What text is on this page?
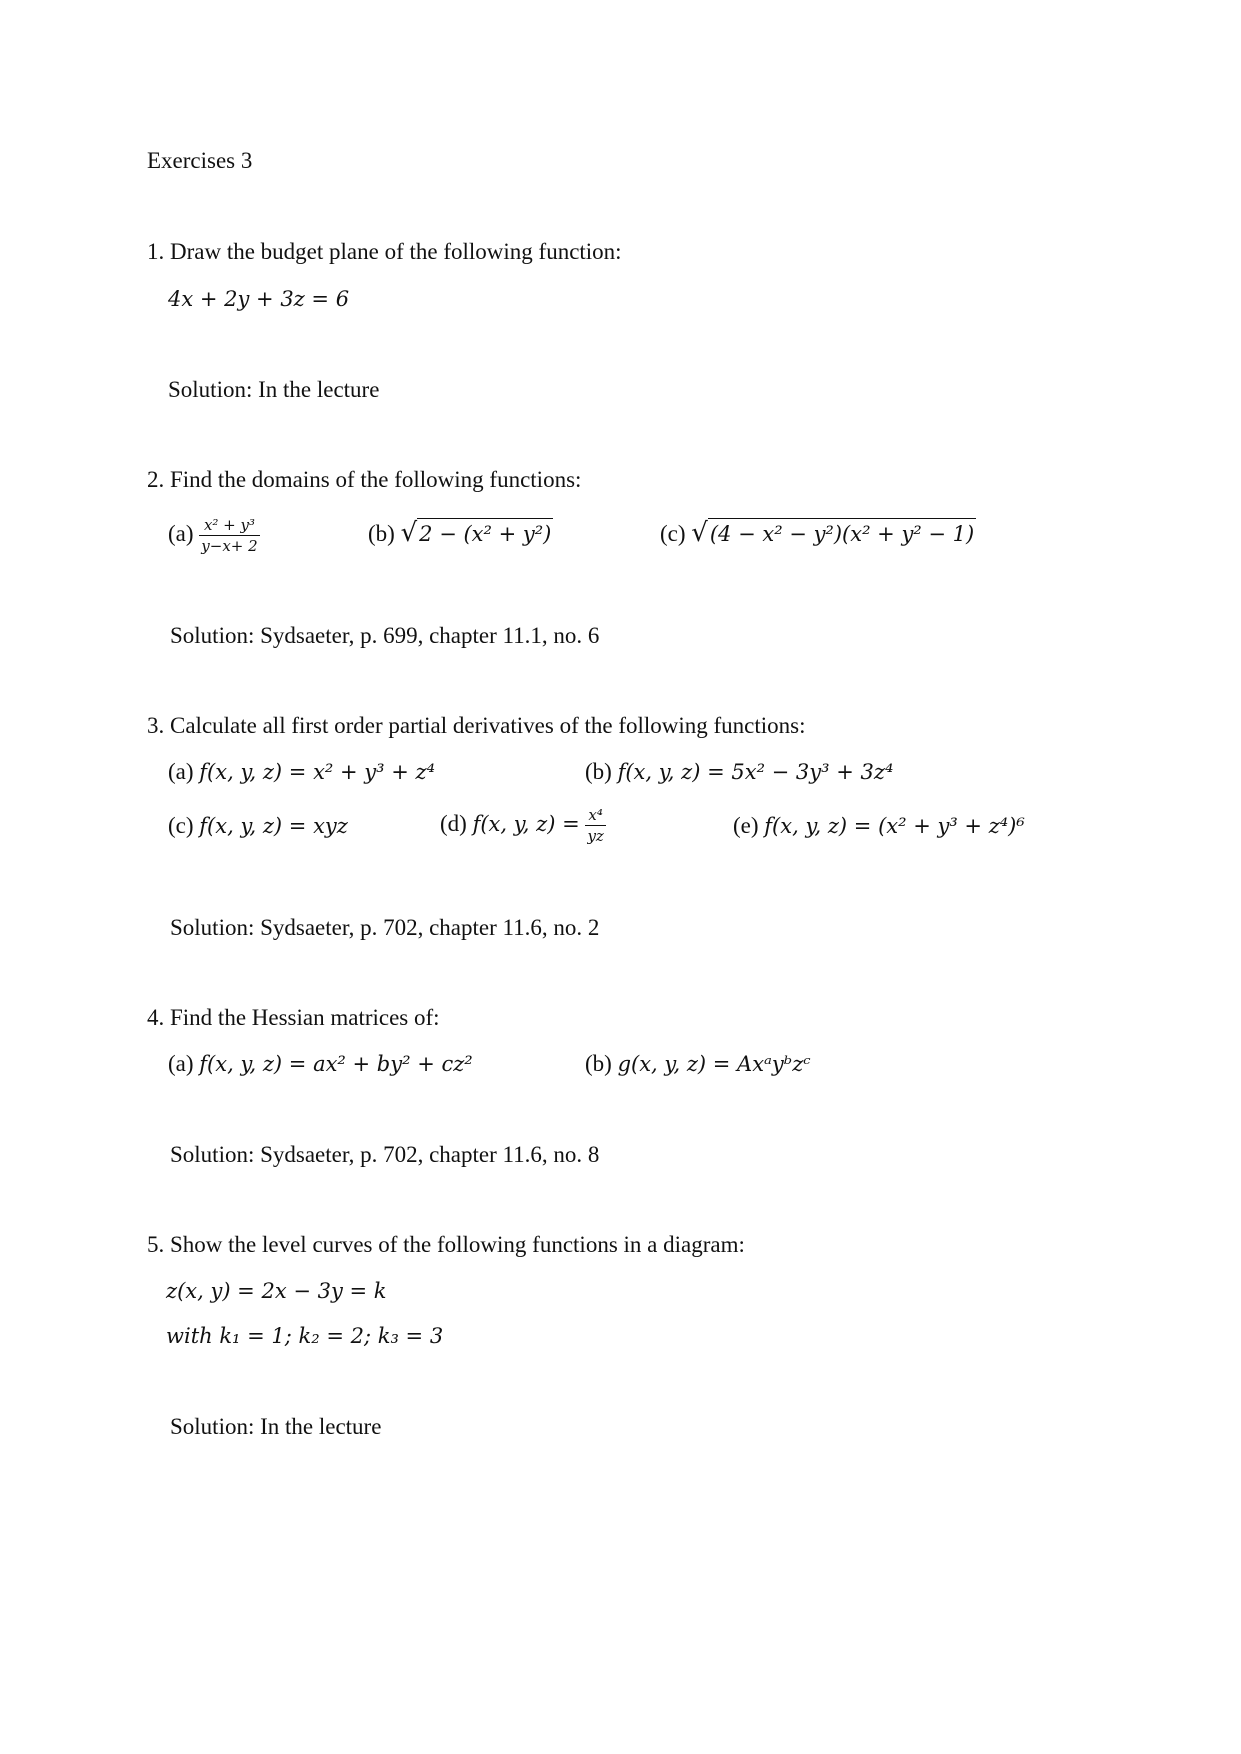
Exercises 3
1. Draw the budget plane of the following function:
4x + 2y + 3z = 6
Solution: In the lecture
2. Find the domains of the following functions:
$(a) \frac{\text{x² + y³}}{y-x+ 2}$	(b) √ 2 − (x² + y²)	(c) √ (4 − x² − y²)(x² + y² − 1)
Solution: Sydsaeter, p. 699, chapter 11.1, no. 6
3. Calculate all first order partial derivatives of the following functions:
(a) f(x, y, z) = x² + y³ + z⁴	(b) f(x, y, z) = 5x² − 3y³ + 3z⁴
(c) f(x, y, z) = xyz	(d) f(x, y, $z) = \frac{\text{x⁴}}{yz}$	(e) f(x, y, z) = (x² + y³ + z⁴)⁶
Solution: Sydsaeter, p. 702, chapter 11.6, no. 2
4. Find the Hessian matrices of:
(a) f(x, y, z) = ax² + by² + cz²	(b) g(x, y, z) = Axᵃyᵇzᶜ
Solution: Sydsaeter, p. 702, chapter 11.6, no. 8
5. Show the level curves of the following functions in a diagram:
z(x, y) = 2x − 3y = k
with k₁ = 1; k₂ = 2; k₃ = 3
Solution: In the lecture
